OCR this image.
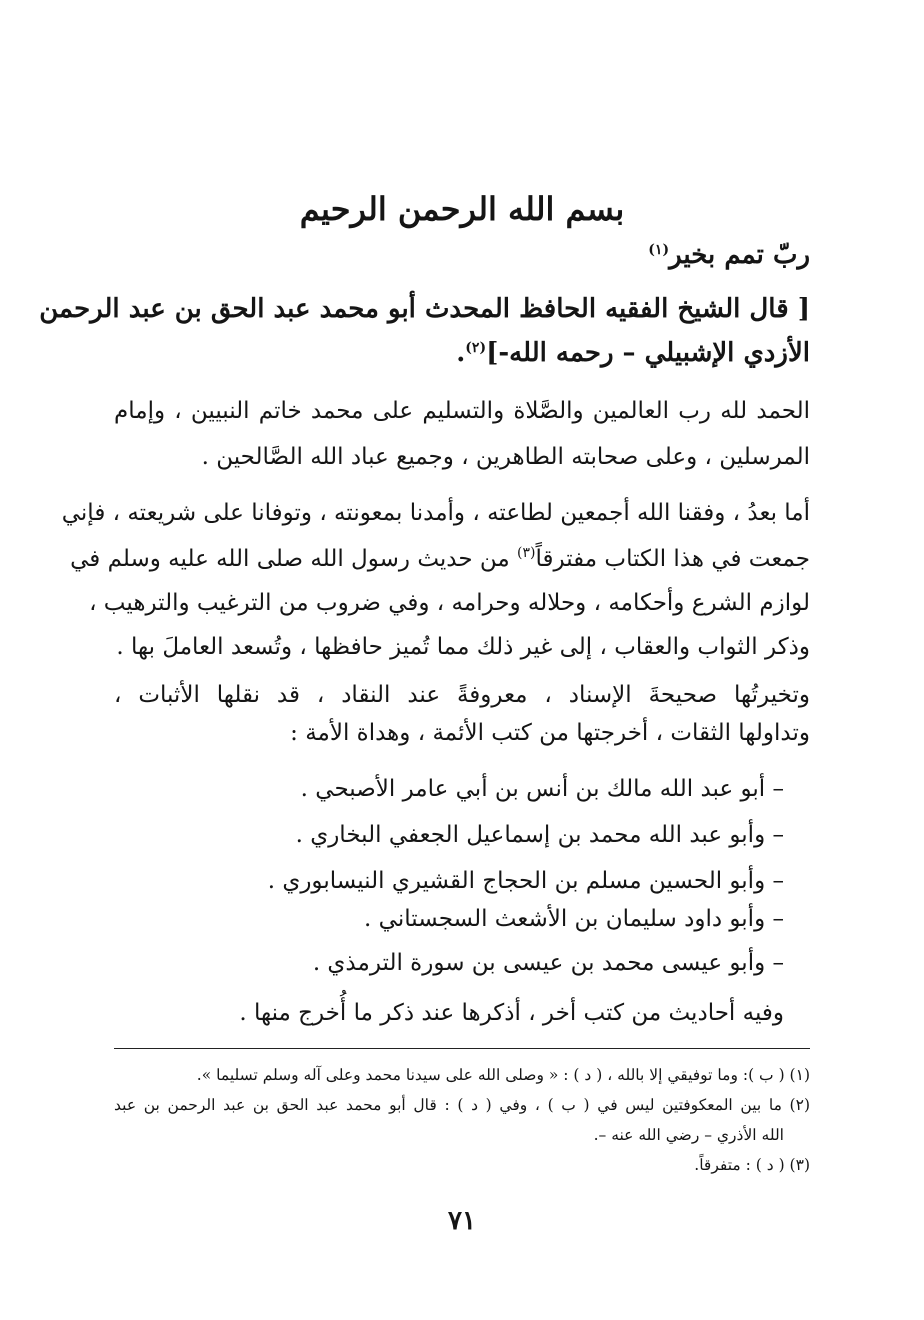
بسم الله الرحمن الرحيم
ربّ تمم بخير$^{(١)}$
[ قال الشيخ الفقيه الحافظ المحدث أبو محمد عبد الحق بن عبد الرحمن
الأزدي الإشبيلي – رحمه الله-]$^{(٢)}$.
الحمد لله رب العالمين والصَّلاة والتسليم على محمد خاتم النبيين ، وإمام
المرسلين ، وعلى صحابته الطاهرين ، وجميع عباد الله الصَّالحين .
أما بعدُ ، وفقنا الله أجمعين لطاعته ، وأمدنا بمعونته ، وتوفانا على شريعته ، فإني
جمعت في هذا الكتاب مفترقاً$^{(٣)}$ من حديث رسول الله صلى الله عليه وسلم في
لوازم الشرع وأحكامه ، وحلاله وحرامه ، وفي ضروب من الترغيب والترهيب ،
وذكر الثواب والعقاب ، إلى غير ذلك مما تُميز حافظها ، وتُسعد العاملَ بها .
وتخيرتُها صحيحةَ الإسناد ، معروفةً عند النقاد ، قد نقلها الأثبات ،
وتداولها الثقات ، أخرجتها من كتب الأئمة ، وهداة الأمة :
– أبو عبد الله مالك بن أنس بن أبي عامر الأصبحي .
– وأبو عبد الله محمد بن إسماعيل الجعفي البخاري .
– وأبو الحسين مسلم بن الحجاج القشيري النيسابوري .
– وأبو داود سليمان بن الأشعث السجستاني .
– وأبو عيسى محمد بن عيسى بن سورة الترمذي .
وفيه أحاديث من كتب أخر ، أذكرها عند ذكر ما أُخرج منها .
(١) ( ب ): وما توفيقي إلا بالله ، ( د ) : « وصلى الله على سيدنا محمد وعلى آله وسلم تسليما ».
(٢) ما بين المعكوفتين ليس في ( ب ) ، وفي ( د ) : قال أبو محمد عبد الحق بن عبد الرحمن بن عبد
الله الأذري – رضي الله عنه –.
(٣) ( د ) : متفرقاً.
٧١
